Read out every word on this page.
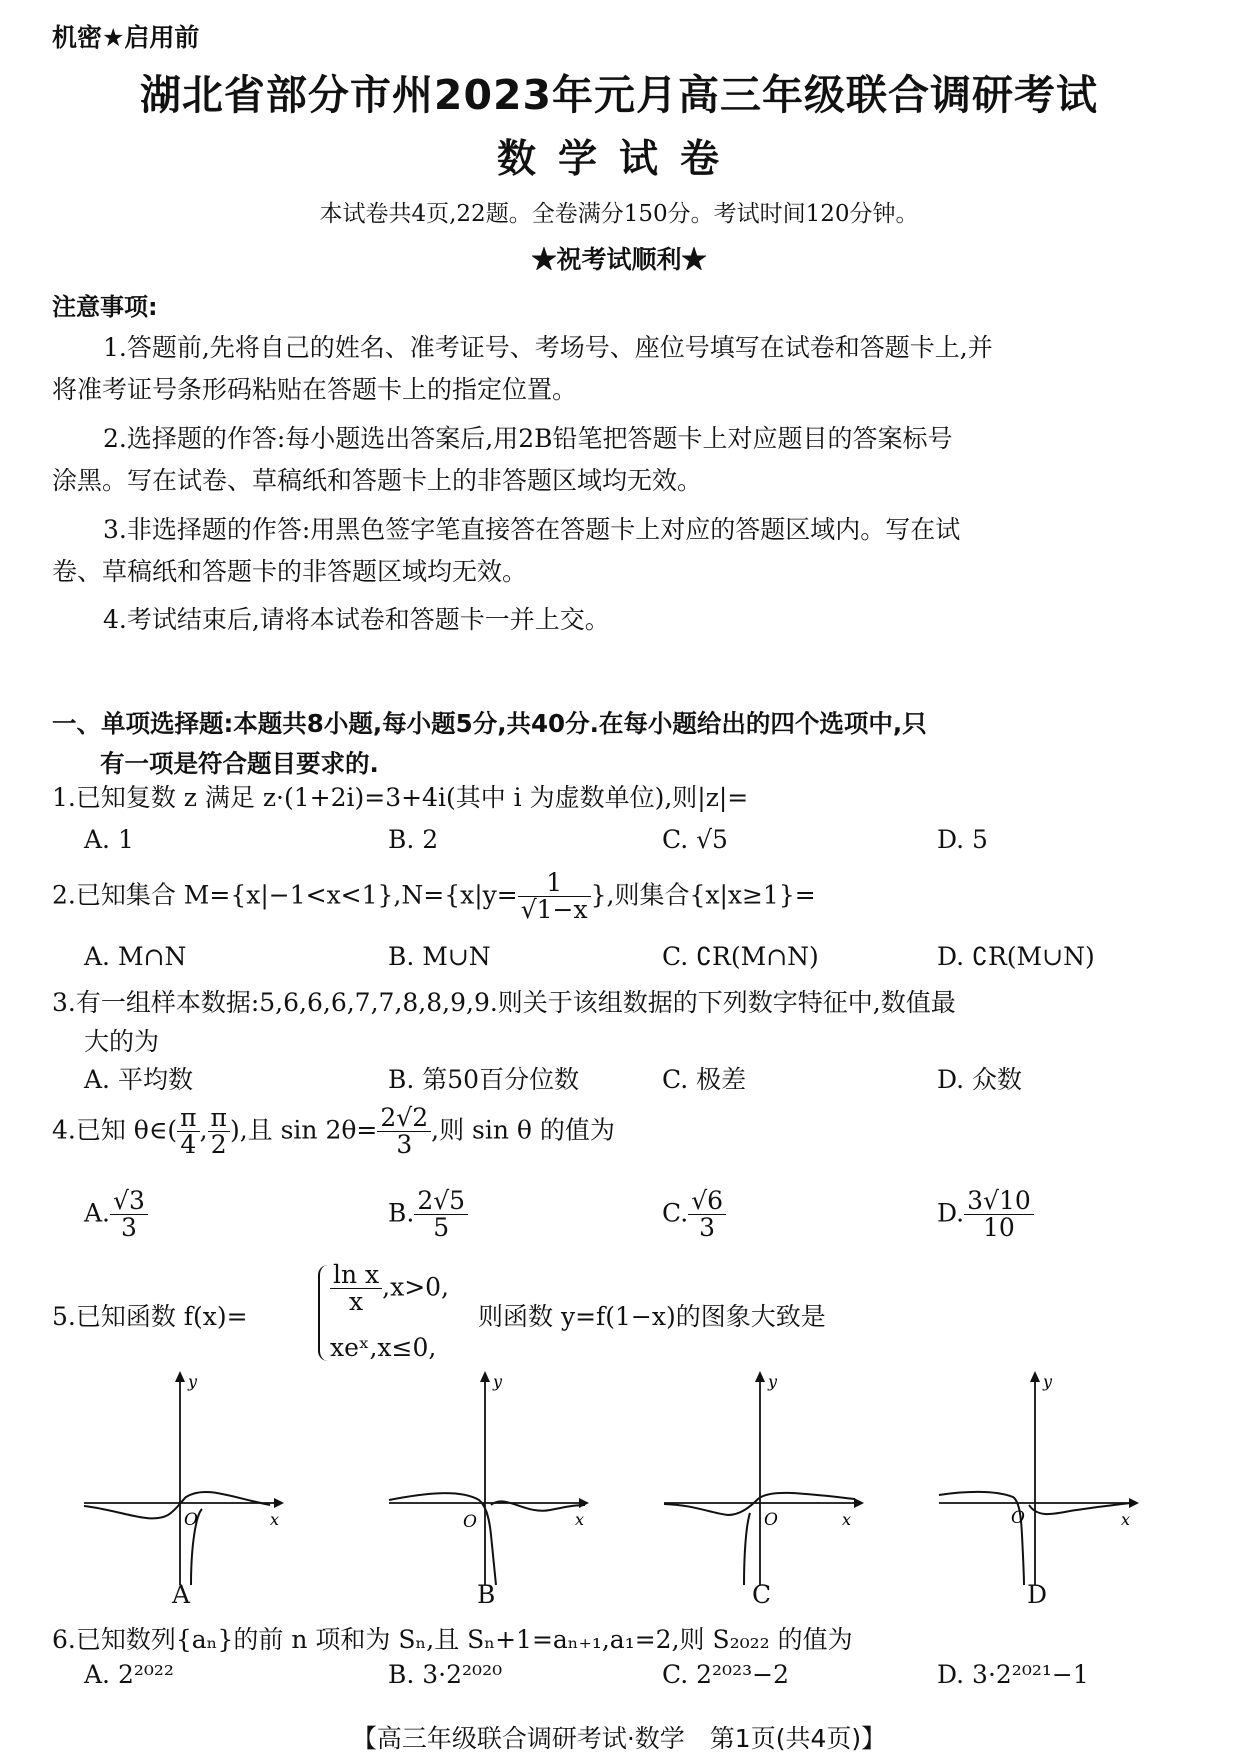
机密★启用前
湖北省部分市州2023年元月高三年级联合调研考试
数学试卷
本试卷共4页,22题。全卷满分150分。考试时间120分钟。
★祝考试顺利★
注意事项:
1.答题前,先将自己的姓名、准考证号、考场号、座位号填写在试卷和答题卡上,并
将准考证号条形码粘贴在答题卡上的指定位置。
2.选择题的作答:每小题选出答案后,用2B铅笔把答题卡上对应题目的答案标号
涂黑。写在试卷、草稿纸和答题卡上的非答题区域均无效。
3.非选择题的作答:用黑色签字笔直接答在答题卡上对应的答题区域内。写在试
卷、草稿纸和答题卡的非答题区域均无效。
4.考试结束后,请将本试卷和答题卡一并上交。
一、单项选择题:本题共8小题,每小题5分,共40分.在每小题给出的四个选项中,只
有一项是符合题目要求的.
1.已知复数 z 满足 z·(1+2i)=3+4i(其中 i 为虚数单位),则|z|=
A. 1	B. 2	C. √5	D. 5
2.已知集合 $M=\{x|-1<x<1\},N=\{x|y= \frac{1}{√1-x}$ },则集合{x|x≥1}=
A. M∩N	B. M∪N	C. ∁R(M∩N)	D. ∁R(M∪N)
3.有一组样本数据:5,6,6,6,7,7,8,8,9,9.则关于该组数据的下列数字特征中,数值最
大的为
A. 平均数	B. 第50百分位数	C. 极差	D. 众数
4.已知 θ∈( $\frac{\pi}{4}$ , $\frac{\pi}{2}$ ),且 $\sin 2\theta= \frac{2√2}{3}$ ,则 sin θ 的值为
A. $\frac{√3}{3}$	B. $\frac{2√5}{5}$	C. $\frac{√6}{3}$	D. $\frac{3√10}{10}$
5.已知函数 f(x)=
$\frac{\text{ln x}}{x} ,x>0$,
xeˣ,x≤0,
则函数 y=f(1−x)的图象大致是
y
x
O
A
y
x
O
B
y
x
O
C
y
x
O
D
6.已知数列{aₙ}的前 n 项和为 Sₙ,且 Sₙ+1=aₙ₊₁,a₁=2,则 S₂₀₂₂ 的值为
A. 2²⁰²²	B. 3·2²⁰²⁰	C. 2²⁰²³−2	D. 3·2²⁰²¹−1
【高三年级联合调研考试·数学　第1页(共4页)】
